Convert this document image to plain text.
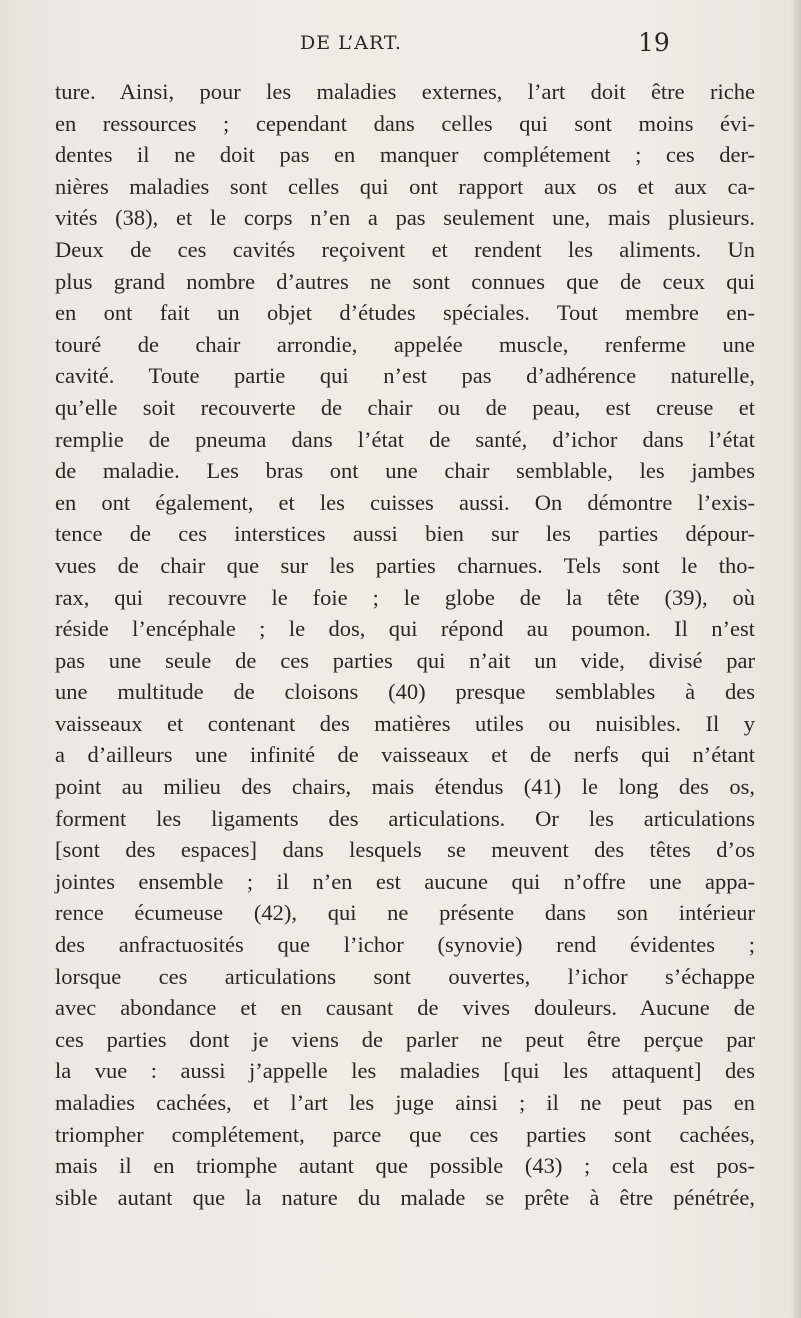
DE L’ART.	19
ture. Ainsi, pour les maladies externes, l’art doit être riche
en ressources ; cependant dans celles qui sont moins évi-
dentes il ne doit pas en manquer complétement ; ces der-
nières maladies sont celles qui ont rapport aux os et aux ca-
vités (38), et le corps n’en a pas seulement une, mais plusieurs.
Deux de ces cavités reçoivent et rendent les aliments. Un
plus grand nombre d’autres ne sont connues que de ceux qui
en ont fait un objet d’études spéciales. Tout membre en-
touré de chair arrondie, appelée muscle, renferme une
cavité. Toute partie qui n’est pas d’adhérence naturelle,
qu’elle soit recouverte de chair ou de peau, est creuse et
remplie de pneuma dans l’état de santé, d’ichor dans l’état
de maladie. Les bras ont une chair semblable, les jambes
en ont également, et les cuisses aussi. On démontre l’exis-
tence de ces interstices aussi bien sur les parties dépour-
vues de chair que sur les parties charnues. Tels sont le tho-
rax, qui recouvre le foie ; le globe de la tête (39), où
réside l’encéphale ; le dos, qui répond au poumon. Il n’est
pas une seule de ces parties qui n’ait un vide, divisé par
une multitude de cloisons (40) presque semblables à des
vaisseaux et contenant des matières utiles ou nuisibles. Il y
a d’ailleurs une infinité de vaisseaux et de nerfs qui n’étant
point au milieu des chairs, mais étendus (41) le long des os,
forment les ligaments des articulations. Or les articulations
[sont des espaces] dans lesquels se meuvent des têtes d’os
jointes ensemble ; il n’en est aucune qui n’offre une appa-
rence écumeuse (42), qui ne présente dans son intérieur
des anfractuosités que l’ichor (synovie) rend évidentes ;
lorsque ces articulations sont ouvertes, l’ichor s’échappe
avec abondance et en causant de vives douleurs. Aucune de
ces parties dont je viens de parler ne peut être perçue par
la vue : aussi j’appelle les maladies [qui les attaquent] des
maladies cachées, et l’art les juge ainsi ; il ne peut pas en
triompher complétement, parce que ces parties sont cachées,
mais il en triomphe autant que possible (43) ; cela est pos-
sible autant que la nature du malade se prête à être pénétrée,
